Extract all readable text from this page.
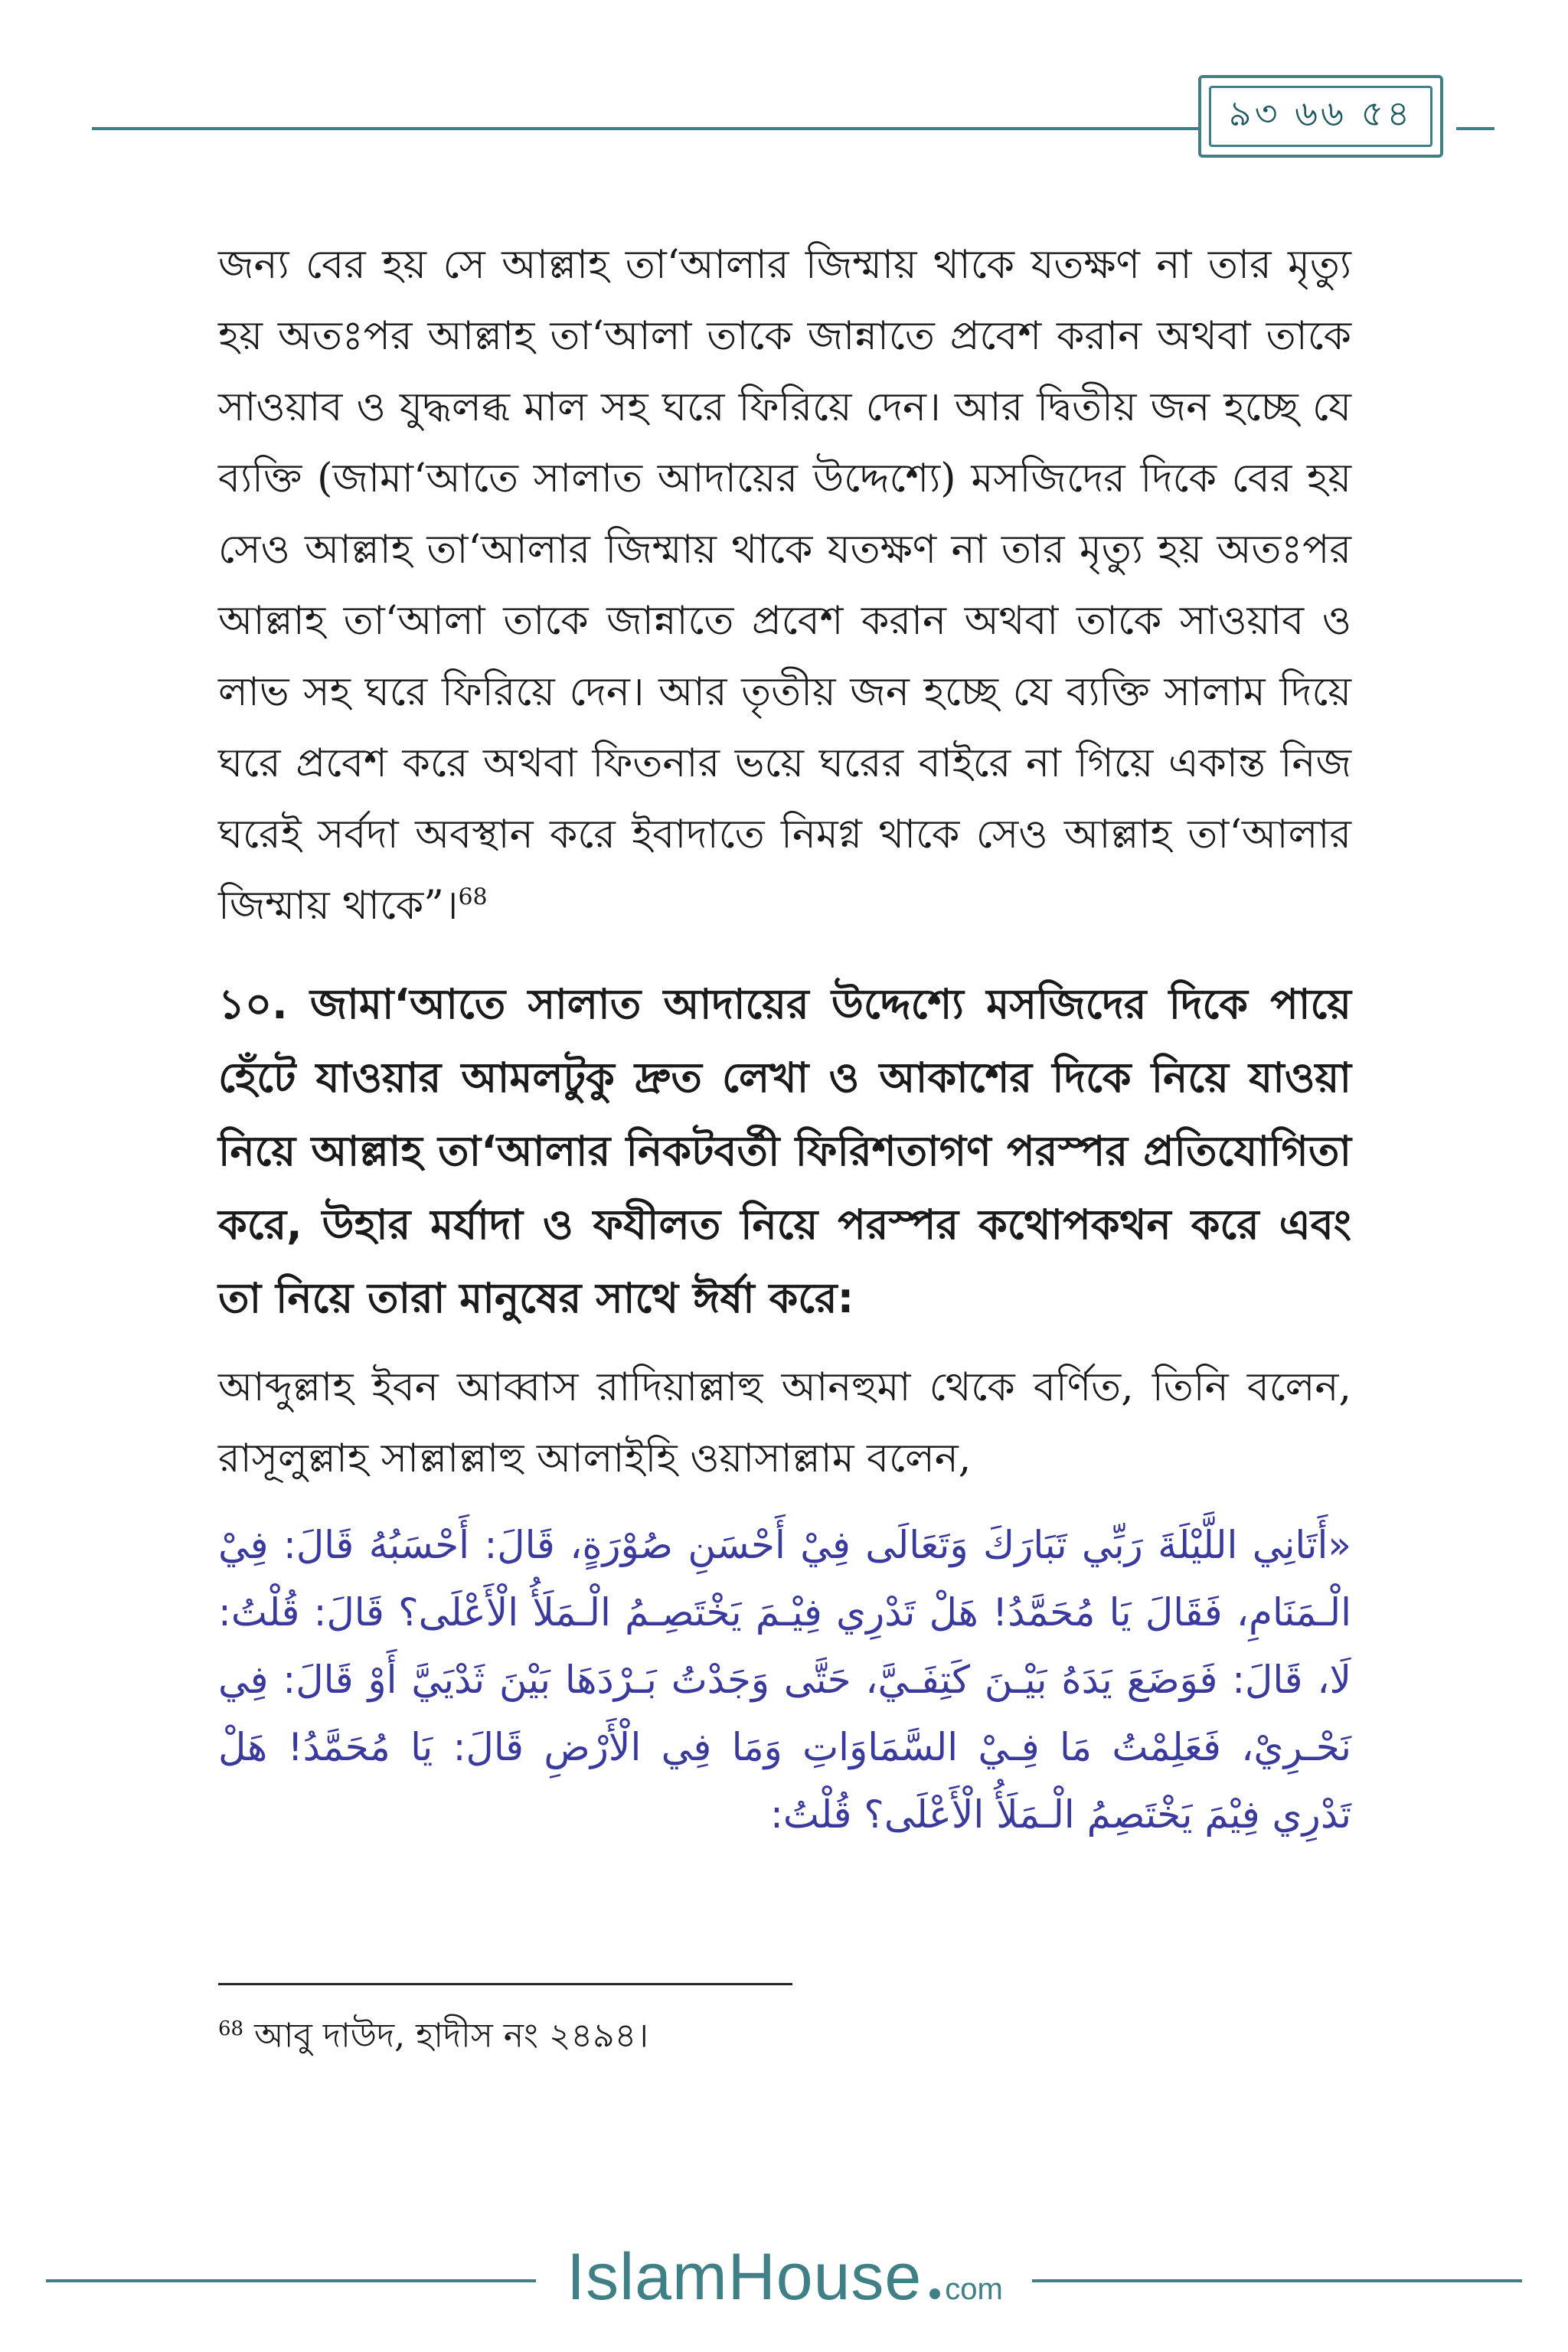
৯৩ ৬৬ ৫৪

জন্য বের হয় সে আল্লাহ তা‘আলার জিম্মায় থাকে যতক্ষণ না তার মৃত্যু হয় অতঃপর আল্লাহ তা‘আলা তাকে জান্নাতে প্রবেশ করান অথবা তাকে সাওয়াব ও যুদ্ধলব্ধ মাল সহ ঘরে ফিরিয়ে দেন। আর দ্বিতীয় জন হচ্ছে যে ব্যক্তি (জামা‘আতে সালাত আদায়ের উদ্দেশ্যে) মসজিদের দিকে বের হয় সেও আল্লাহ তা‘আলার জিম্মায় থাকে যতক্ষণ না তার মৃত্যু হয় অতঃপর আল্লাহ তা‘আলা তাকে জান্নাতে প্রবেশ করান অথবা তাকে সাওয়াব ও লাভ সহ ঘরে ফিরিয়ে দেন। আর তৃতীয় জন হচ্ছে যে ব্যক্তি সালাম দিয়ে ঘরে প্রবেশ করে অথবা ফিতনার ভয়ে ঘরের বাইরে না গিয়ে একান্ত নিজ ঘরেই সর্বদা অবস্থান করে ইবাদাতে নিমগ্ন থাকে সেও আল্লাহ তা‘আলার জিম্মায় থাকে”।$^{68}$

১০. জামা‘আতে সালাত আদায়ের উদ্দেশ্যে মসজিদের দিকে পায়ে হেঁটে যাওয়ার আমলটুকু দ্রুত লেখা ও আকাশের দিকে নিয়ে যাওয়া নিয়ে আল্লাহ তা‘আলার নিকটবর্তী ফিরিশতাগণ পরস্পর প্রতিযোগিতা করে, উহার মর্যাদা ও ফযীলত নিয়ে পরস্পর কথোপকথন করে এবং তা নিয়ে তারা মানুষের সাথে ঈর্ষা করে:

আব্দুল্লাহ ইবন আব্বাস রাদিয়াল্লাহু আনহুমা থেকে বর্ণিত, তিনি বলেন, রাসূলুল্লাহ সাল্লাল্লাহু আলাইহি ওয়াসাল্লাম বলেন,

«أَتَانِي اللَّيْلَةَ رَبِّي تَبَارَكَ وَتَعَالَى فِيْ أَحْسَنِ صُوْرَةٍ، قَالَ: أَحْسَبُهُ قَالَ: فِيْ الْـمَنَامِ، فَقَالَ يَا مُحَمَّدُ! هَلْ تَدْرِي فِيْـمَ يَخْتَصِـمُ الْـمَلَأُ الْأَعْلَى؟ قَالَ: قُلْتُ: لَا، قَالَ: فَوَضَعَ يَدَهُ بَيْـنَ كَتِفَـيَّ، حَتَّى وَجَدْتُ بَـرْدَهَا بَيْنَ ثَدْيَيَّ أَوْ قَالَ: فِي نَحْـرِيْ، فَعَلِمْتُ مَا فِـيْ السَّمَاوَاتِ وَمَا فِي الْأَرْضِ قَالَ: يَا مُحَمَّدُ! هَلْ تَدْرِي فِيْمَ يَخْتَصِمُ الْـمَلَأُ الْأَعْلَى؟ قُلْتُ:

$^{68}$ আবু দাউদ, হাদীস নং ২৪৯৪।
IslamHouse com
